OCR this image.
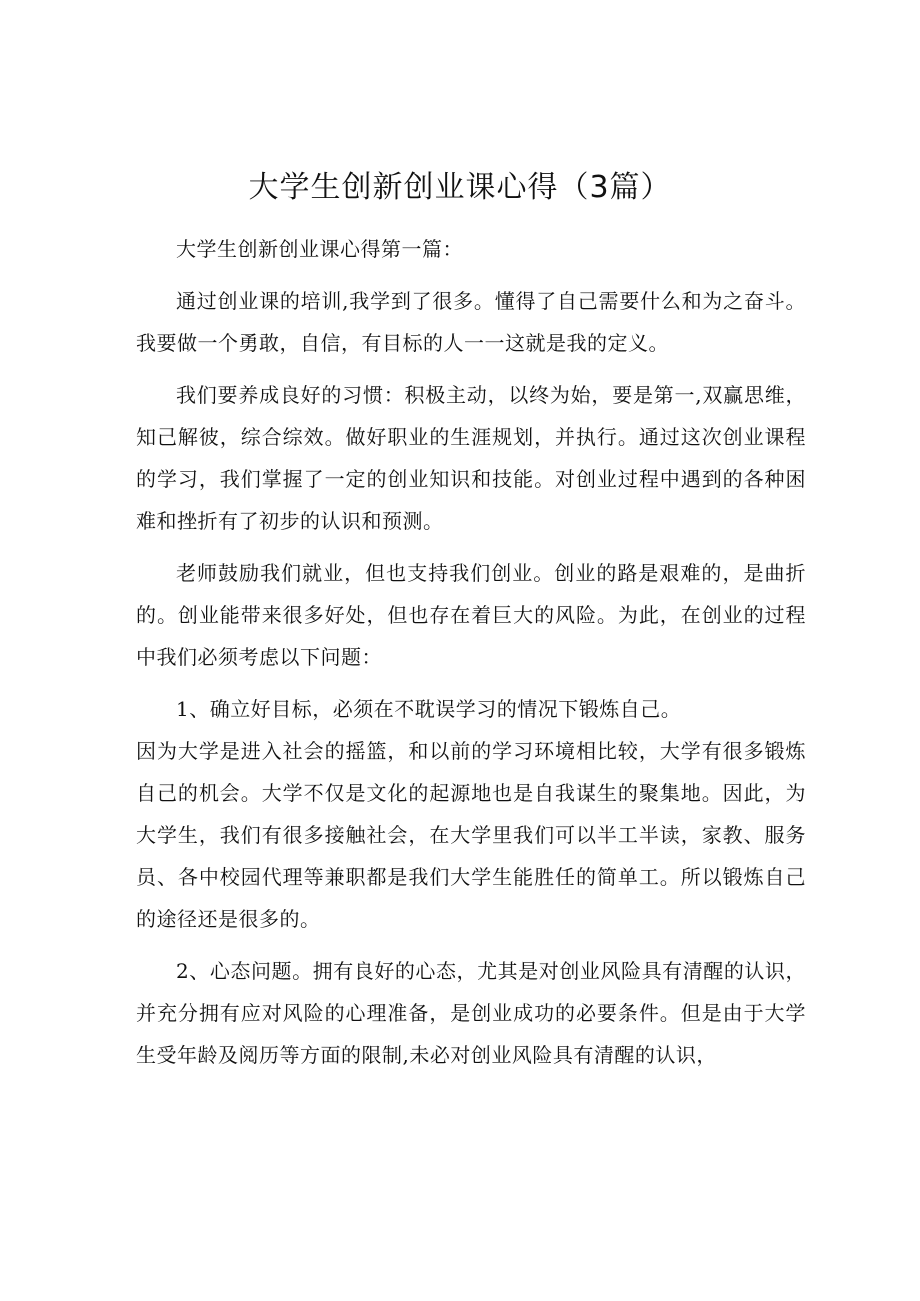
大学生创新创业课心得（3篇）

大学生创新创业课心得第一篇：

通过创业课的培训,我学到了很多。懂得了自己需要什么和为之奋斗。我要做一个勇敢，自信，有目标的人一一这就是我的定义。

我们要养成良好的习惯：积极主动，以终为始，要是第一,双赢思维，知己解彼，综合综效。做好职业的生涯规划，并执行。通过这次创业课程的学习，我们掌握了一定的创业知识和技能。对创业过程中遇到的各种困难和挫折有了初步的认识和预测。

老师鼓励我们就业，但也支持我们创业。创业的路是艰难的，是曲折的。创业能带来很多好处，但也存在着巨大的风险。为此，在创业的过程中我们必须考虑以下问题：

1、确立好目标，必须在不耽误学习的情况下锻炼自己。

因为大学是进入社会的摇篮，和以前的学习环境相比较，大学有很多锻炼自己的机会。大学不仅是文化的起源地也是自我谋生的聚集地。因此，为大学生，我们有很多接触社会，在大学里我们可以半工半读，家教、服务员、各中校园代理等兼职都是我们大学生能胜任的简单工。所以锻炼自己的途径还是很多的。

2、心态问题。拥有良好的心态，尤其是对创业风险具有清醒的认识，并充分拥有应对风险的心理准备，是创业成功的必要条件。但是由于大学生受年龄及阅历等方面的限制,未必对创业风险具有清醒的认识，
